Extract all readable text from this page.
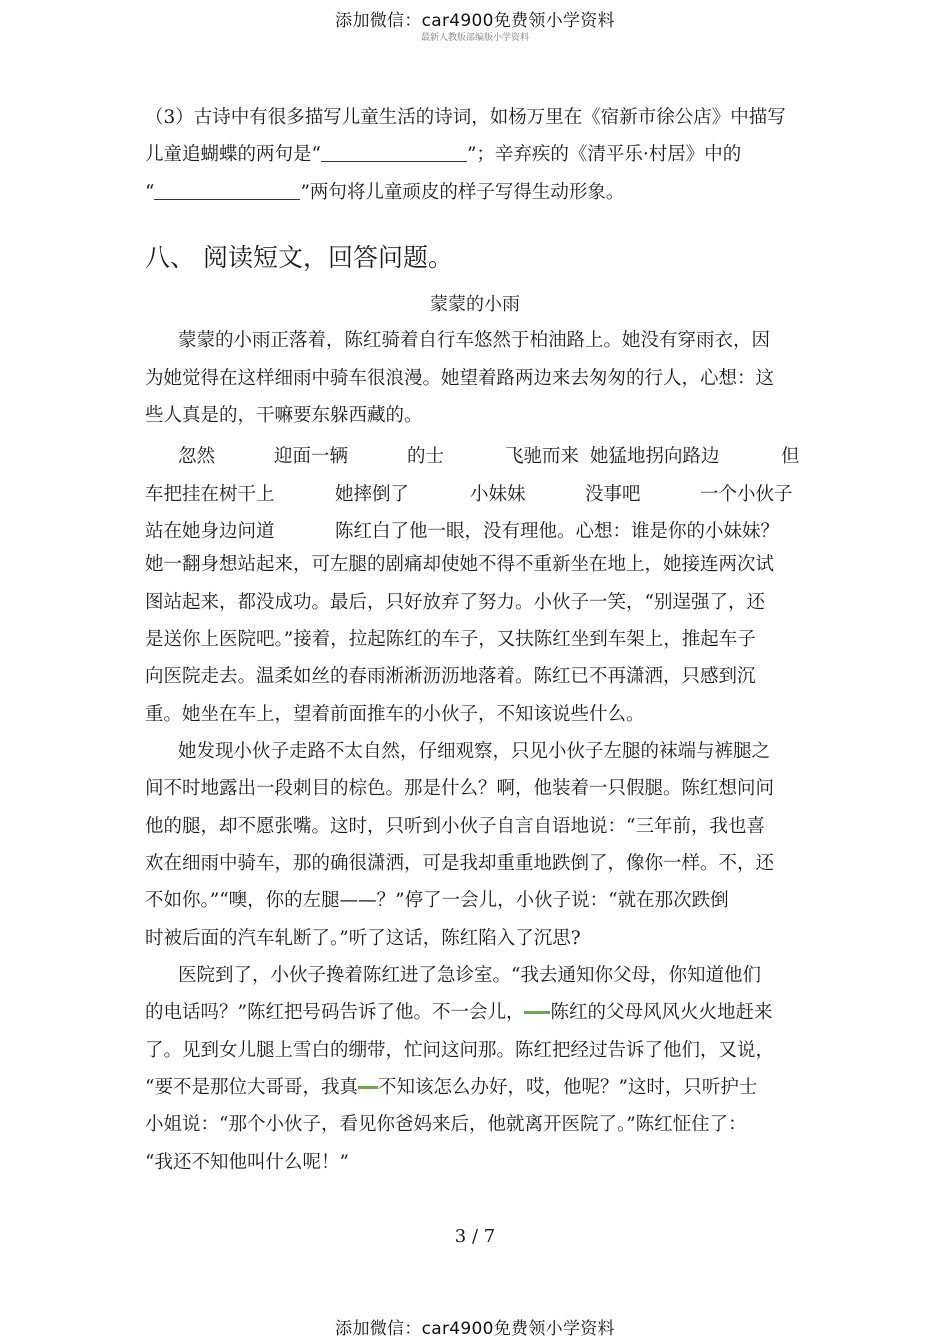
添加微信：car4900免费领小学资料
最新人教版部编版小学资料
（3）古诗中有很多描写儿童生活的诗词，如杨万里在《宿新市徐公店》中描写
儿童追蝴蝶的两句是“	”；辛弃疾的《清平乐·村居》中的
“	”两句将儿童顽皮的样子写得生动形象。
八、 阅读短文，回答问题。
蒙蒙的小雨
蒙蒙的小雨正落着，陈红骑着自行车悠然于柏油路上。她没有穿雨衣，因
为她觉得在这样细雨中骑车很浪漫。她望着路两边来去匆匆的行人，心想：这
些人真是的，干嘛要东躲西藏的。
忽然	迎面一辆	的士	飞驰而来 她猛地拐向路边	但
车把挂在树干上	她摔倒了	小妹妹	没事吧	一个小伙子
站在她身边问道	陈红白了他一眼，没有理他。心想：谁是你的小妹妹？
她一翻身想站起来，可左腿的剧痛却使她不得不重新坐在地上，她接连两次试
图站起来，都没成功。最后，只好放弃了努力。小伙子一笑，“别逞强了，还
是送你上医院吧。”接着，拉起陈红的车子，又扶陈红坐到车架上，推起车子
向医院走去。温柔如丝的春雨淅淅沥沥地落着。陈红已不再潇洒，只感到沉
重。她坐在车上，望着前面推车的小伙子，不知该说些什么。
她发现小伙子走路不太自然，仔细观察，只见小伙子左腿的袜端与裤腿之
间不时地露出一段刺目的棕色。那是什么？啊，他装着一只假腿。陈红想问问
他的腿，却不愿张嘴。这时，只听到小伙子自言自语地说：“三年前，我也喜
欢在细雨中骑车，那的确很潇洒，可是我却重重地跌倒了，像你一样。不，还
不如你。”“噢，你的左腿——？”停了一会儿，小伙子说：“就在那次跌倒
时被后面的汽车轧断了。”听了这话，陈红陷入了沉思?
医院到了，小伙子搀着陈红进了急诊室。“我去通知你父母，你知道他们
的电话吗？”陈红把号码告诉了他。不一会儿， 陈红的父母风风火火地赶来
了。见到女儿腿上雪白的绷带，忙问这问那。陈红把经过告诉了他们，又说，
“要不是那位大哥哥，我真 不知该怎么办好，哎，他呢？”这时，只听护士
小姐说：“那个小伙子，看见你爸妈来后，他就离开医院了。”陈红怔住了：
“我还不知他叫什么呢！”
3 / 7
添加微信：car4900免费领小学资料
